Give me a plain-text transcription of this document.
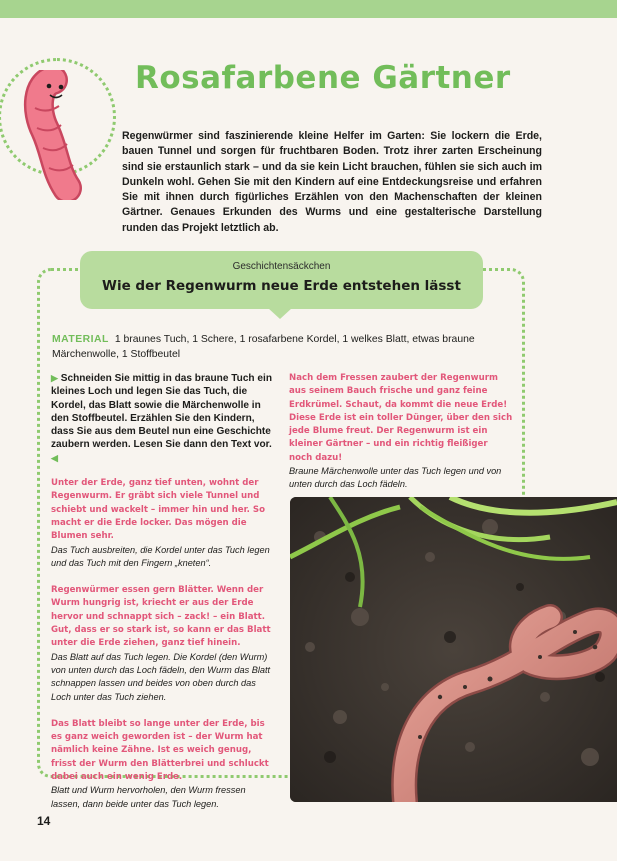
Rosafarbene Gärtner
Regenwürmer sind faszinierende kleine Helfer im Garten: Sie lockern die Erde, bauen Tunnel und sorgen für fruchtbaren Boden. Trotz ihrer zarten Erscheinung sind sie erstaunlich stark – und da sie kein Licht brauchen, fühlen sie sich auch im Dunkeln wohl. Gehen Sie mit den Kindern auf eine Entdeckungsreise und erfahren Sie mit ihnen durch figürliches Erzählen von den Machenschaften der kleinen Gärtner. Genaues Erkunden des Wurms und eine gestalterische Darstellung runden das Projekt letztlich ab.
Geschichtensäckchen
Wie der Regenwurm neue Erde entstehen lässt
MATERIAL 1 braunes Tuch, 1 Schere, 1 rosafarbene Kordel, 1 welkes Blatt, etwas braune Märchenwolle, 1 Stoffbeutel
▶ Schneiden Sie mittig in das braune Tuch ein kleines Loch und legen Sie das Tuch, die Kordel, das Blatt sowie die Märchenwolle in den Stoffbeutel. Erzählen Sie den Kindern, dass Sie aus dem Beutel nun eine Geschichte zaubern werden. Lesen Sie dann den Text vor. ◀

Unter der Erde, ganz tief unten, wohnt der Regenwurm. Er gräbt sich viele Tunnel und schiebt und wackelt – immer hin und her. So macht er die Erde locker. Das mögen die Blumen sehr.

Das Tuch ausbreiten, die Kordel unter das Tuch legen und das Tuch mit den Fingern „kneten“.

Regenwürmer essen gern Blätter. Wenn der Wurm hungrig ist, kriecht er aus der Erde hervor und schnappt sich – zack! – ein Blatt. Gut, dass er so stark ist, so kann er das Blatt unter die Erde ziehen, ganz tief hinein.

Das Blatt auf das Tuch legen. Die Kordel (den Wurm) von unten durch das Loch fädeln, den Wurm das Blatt schnappen lassen und beides von oben durch das Loch unter das Tuch ziehen.

Das Blatt bleibt so lange unter der Erde, bis es ganz weich geworden ist – der Wurm hat nämlich keine Zähne. Ist es weich genug, frisst der Wurm den Blätterbrei und schluckt dabei auch ein wenig Erde.

Blatt und Wurm hervorholen, den Wurm fressen lassen, dann beide unter das Tuch legen.

Nach dem Fressen zaubert der Regenwurm aus seinem Bauch frische und ganz feine Erdkrümel. Schaut, da kommt die neue Erde! Diese Erde ist ein toller Dünger, über den sich jede Blume freut. Der Regenwurm ist ein kleiner Gärtner – und ein richtig fleißiger noch dazu!

Braune Märchenwolle unter das Tuch legen und von unten durch das Loch fädeln.

14
